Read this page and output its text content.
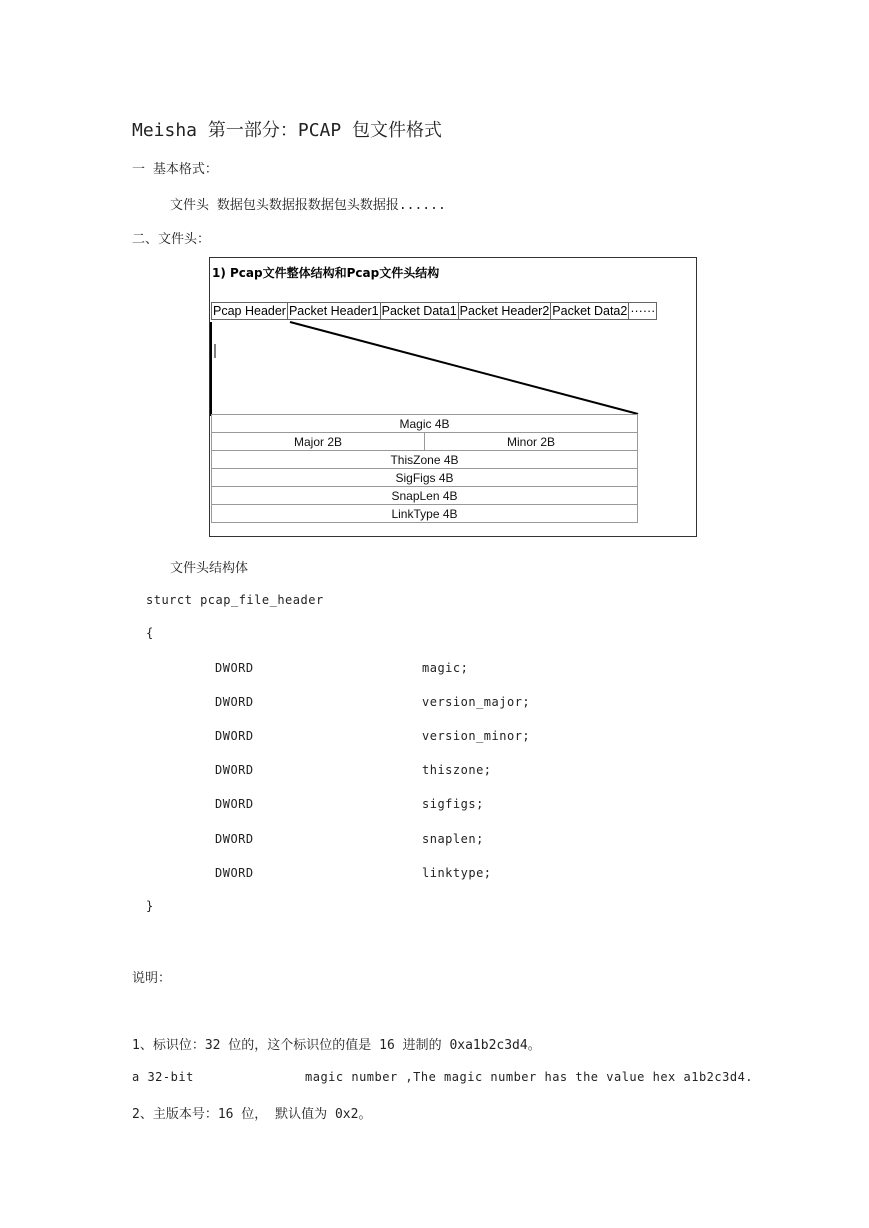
Meisha 第一部分：PCAP 包文件格式
一 基本格式：
文件头 数据包头数据报数据包头数据报......
二、文件头：
1) Pcap文件整体结构和Pcap文件头结构
Pcap Header Packet Header1 Packet Data1 Packet Header2 Packet Data2 ······
Magic 4B
Major 2B	Minor 2B
ThisZone 4B
SigFigs 4B
SnapLen 4B
LinkType 4B
文件头结构体
sturct pcap_file_header
{
DWORD	magic;
DWORD	version_major;
DWORD	version_minor;
DWORD	thiszone;
DWORD	sigfigs;
DWORD	snaplen;
DWORD	linktype;
}
说明：
1、标识位：32 位的，这个标识位的值是 16 进制的 0xa1b2c3d4。
a 32-bit	magic number ,The magic number has the value hex a1b2c3d4.
2、主版本号：16 位， 默认值为 0x2。
